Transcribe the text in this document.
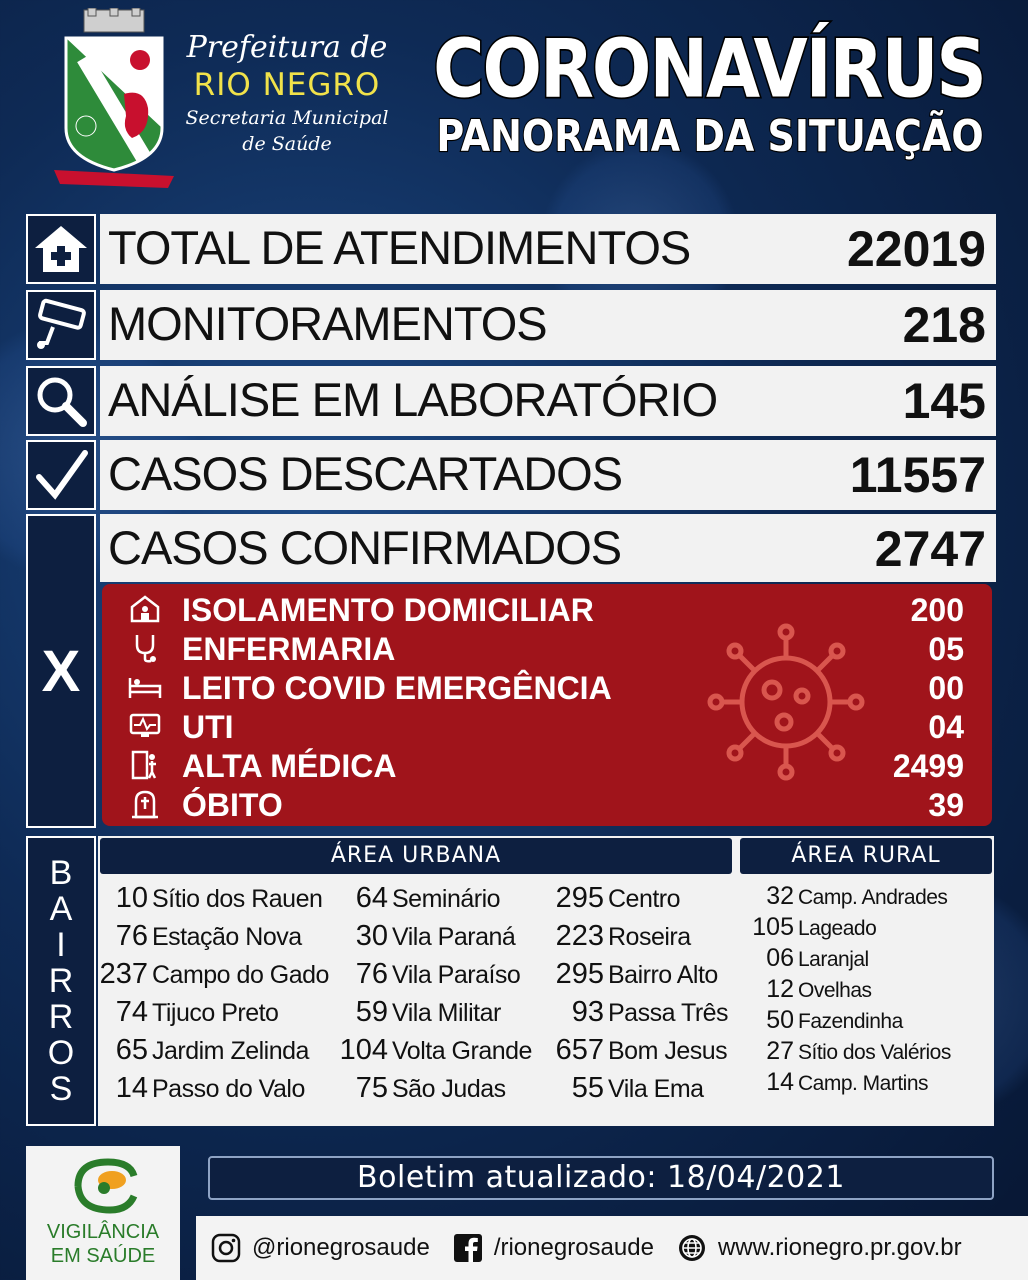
Prefeitura de
RIO NEGRO
Secretaria Municipal
de Saúde
CORONAVÍRUS
PANORAMA DA SITUAÇÃO
TOTAL DE ATENDIMENTOS	22019
MONITORAMENTOS	218
ANÁLISE EM LABORATÓRIO	145
CASOS DESCARTADOS	11557
X
CASOS CONFIRMADOS	2747
ISOLAMENTO DOMICILIAR	200
ENFERMARIA	05
LEITO COVID EMERGÊNCIA	00
UTI	04
ALTA MÉDICA	2499
ÓBITO	39
B
A
I
R
R
O
S
ÁREA URBANA	ÁREA RURAL
10 Sítio dos Rauen
76 Estação Nova
237 Campo do Gado
74 Tijuco Preto
65 Jardim Zelinda
14 Passo do Valo
64 Seminário
30 Vila Paraná
76 Vila Paraíso
59 Vila Militar
104 Volta Grande
75 São Judas
295 Centro
223 Roseira
295 Bairro Alto
93 Passa Três
657 Bom Jesus
55 Vila Ema
32 Camp. Andrades
105 Lageado
06 Laranjal
12 Ovelhas
50 Fazendinha
27 Sítio dos Valérios
14 Camp. Martins
VIGILÂNCIA
EM SAÚDE
Boletim atualizado: 18/04/2021
@rionegrosaude	/rionegrosaude	www.rionegro.pr.gov.br
